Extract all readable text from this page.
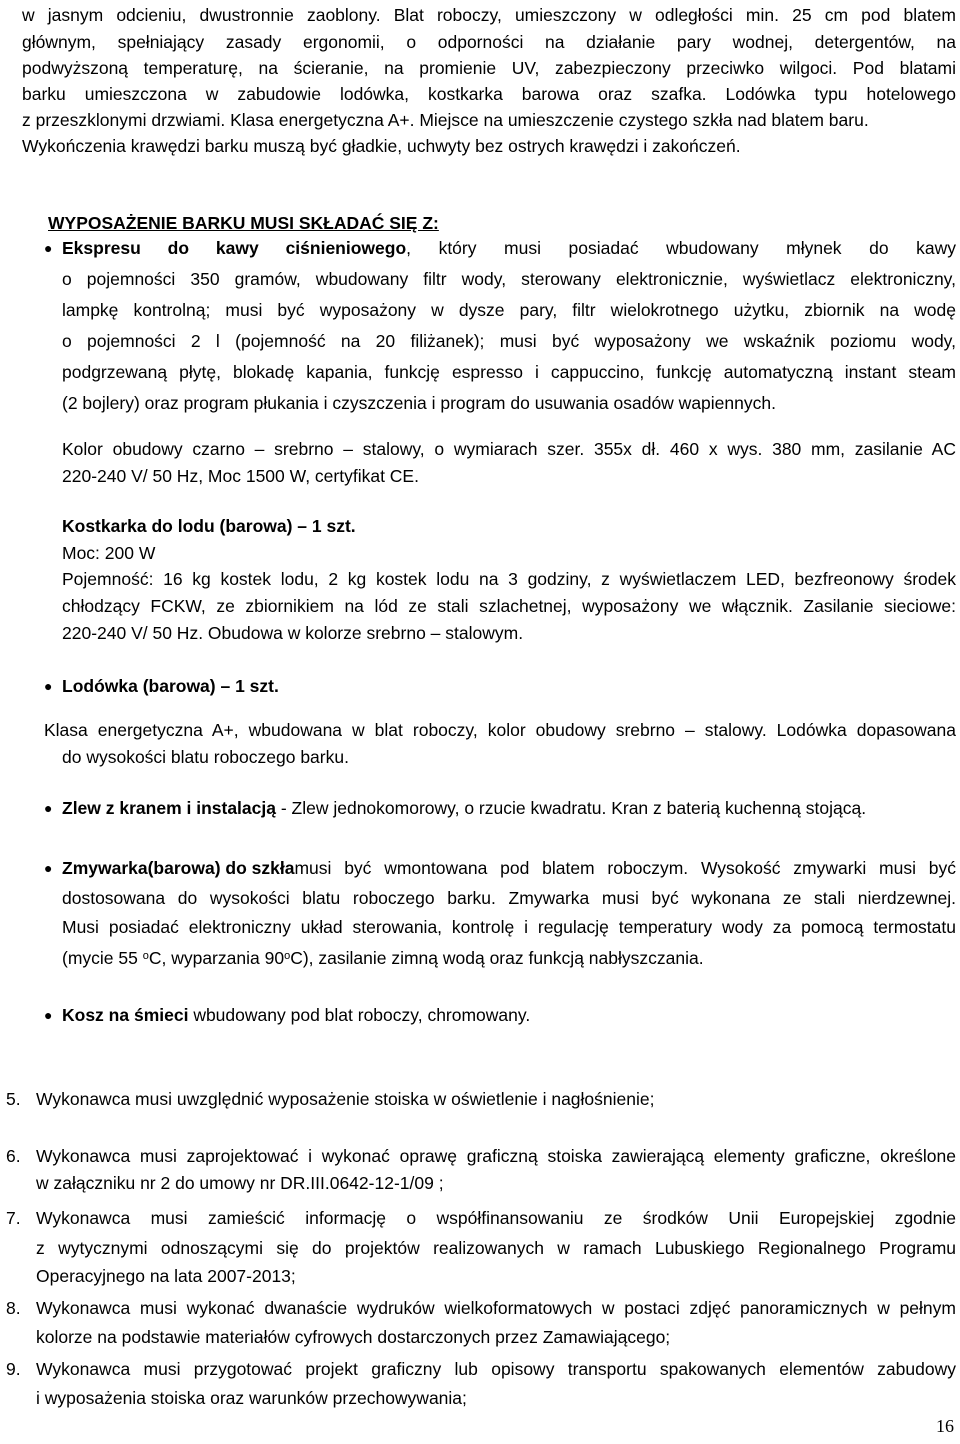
w jasnym odcieniu, dwustronnie zaoblony. Blat roboczy, umieszczony w odległości min. 25 cm pod blatem
głównym, spełniający zasady ergonomii, o odporności na działanie pary wodnej, detergentów, na
podwyższoną temperaturę, na ścieranie, na promienie UV, zabezpieczony przeciwko wilgoci. Pod blatami
barku umieszczona w zabudowie lodówka, kostkarka barowa oraz szafka. Lodówka typu hotelowego
z przeszklonymi drzwiami. Klasa energetyczna A+. Miejsce na umieszczenie czystego szkła nad blatem baru.
Wykończenia krawędzi barku muszą być gładkie, uchwyty bez ostrych krawędzi i zakończeń.
WYPOSAŻENIE BARKU MUSI SKŁADAĆ SIĘ Z:
● Ekspresu do kawy ciśnieniowego , który musi posiadać wbudowany młynek do kawy
o pojemności 350 gramów, wbudowany filtr wody, sterowany elektronicznie, wyświetlacz elektroniczny,
lampkę kontrolną; musi być wyposażony w dysze pary, filtr wielokrotnego użytku, zbiornik na wodę
o pojemności 2 l (pojemność na 20 filiżanek); musi być wyposażony we wskaźnik poziomu wody,
podgrzewaną płytę, blokadę kapania, funkcję espresso i cappuccino, funkcję automatyczną instant steam
(2 bojlery) oraz program płukania i czyszczenia i program do usuwania osadów wapiennych.
Kolor obudowy czarno – srebrno – stalowy, o wymiarach szer. 355x dł. 460 x wys. 380 mm, zasilanie AC
220-240 V/ 50 Hz, Moc 1500 W, certyfikat CE.
Kostkarka do lodu (barowa) – 1 szt.
Moc: 200 W
Pojemność: 16 kg kostek lodu, 2 kg kostek lodu na 3 godziny, z wyświetlaczem LED, bezfreonowy środek
chłodzący FCKW, ze zbiornikiem na lód ze stali szlachetnej, wyposażony we włącznik. Zasilanie sieciowe:
220-240 V/ 50 Hz. Obudowa w kolorze srebrno – stalowym.
● Lodówka (barowa) – 1 szt.
Klasa energetyczna A+, wbudowana w blat roboczy, kolor obudowy srebrno – stalowy. Lodówka dopasowana
do wysokości blatu roboczego barku.
● Zlew z kranem i instalacją - Zlew jednokomorowy, o rzucie kwadratu. Kran z baterią kuchenną stojącą.
● Zmywarka(barowa) do szkła musi być wmontowana pod blatem roboczym. Wysokość zmywarki musi być
dostosowana do wysokości blatu roboczego barku. Zmywarka musi być wykonana ze stali nierdzewnej.
Musi posiadać elektroniczny układ sterowania, kontrolę i regulację temperatury wody za pomocą termostatu
(mycie 55 $^o$C, wyparzania 90$^o$C), zasilanie zimną wodą oraz funkcją nabłyszczania.
● Kosz na śmieci wbudowany pod blat roboczy, chromowany.
5. Wykonawca musi uwzględnić wyposażenie stoiska w oświetlenie i nagłośnienie;
6. Wykonawca musi zaprojektować i wykonać oprawę graficzną stoiska zawierającą elementy graficzne, określone
w załączniku nr 2 do umowy nr DR.III.0642-12-1/09 ;
7. Wykonawca musi zamieścić informację o współfinansowaniu ze środków Unii Europejskiej zgodnie
z wytycznymi odnoszącymi się do projektów realizowanych w ramach Lubuskiego Regionalnego Programu
Operacyjnego na lata 2007-2013;
8. Wykonawca musi wykonać dwanaście wydruków wielkoformatowych w postaci zdjęć panoramicznych w pełnym
kolorze na podstawie materiałów cyfrowych dostarczonych przez Zamawiającego;
9. Wykonawca musi przygotować projekt graficzny lub opisowy transportu spakowanych elementów zabudowy
i wyposażenia stoiska oraz warunków przechowywania;
16
